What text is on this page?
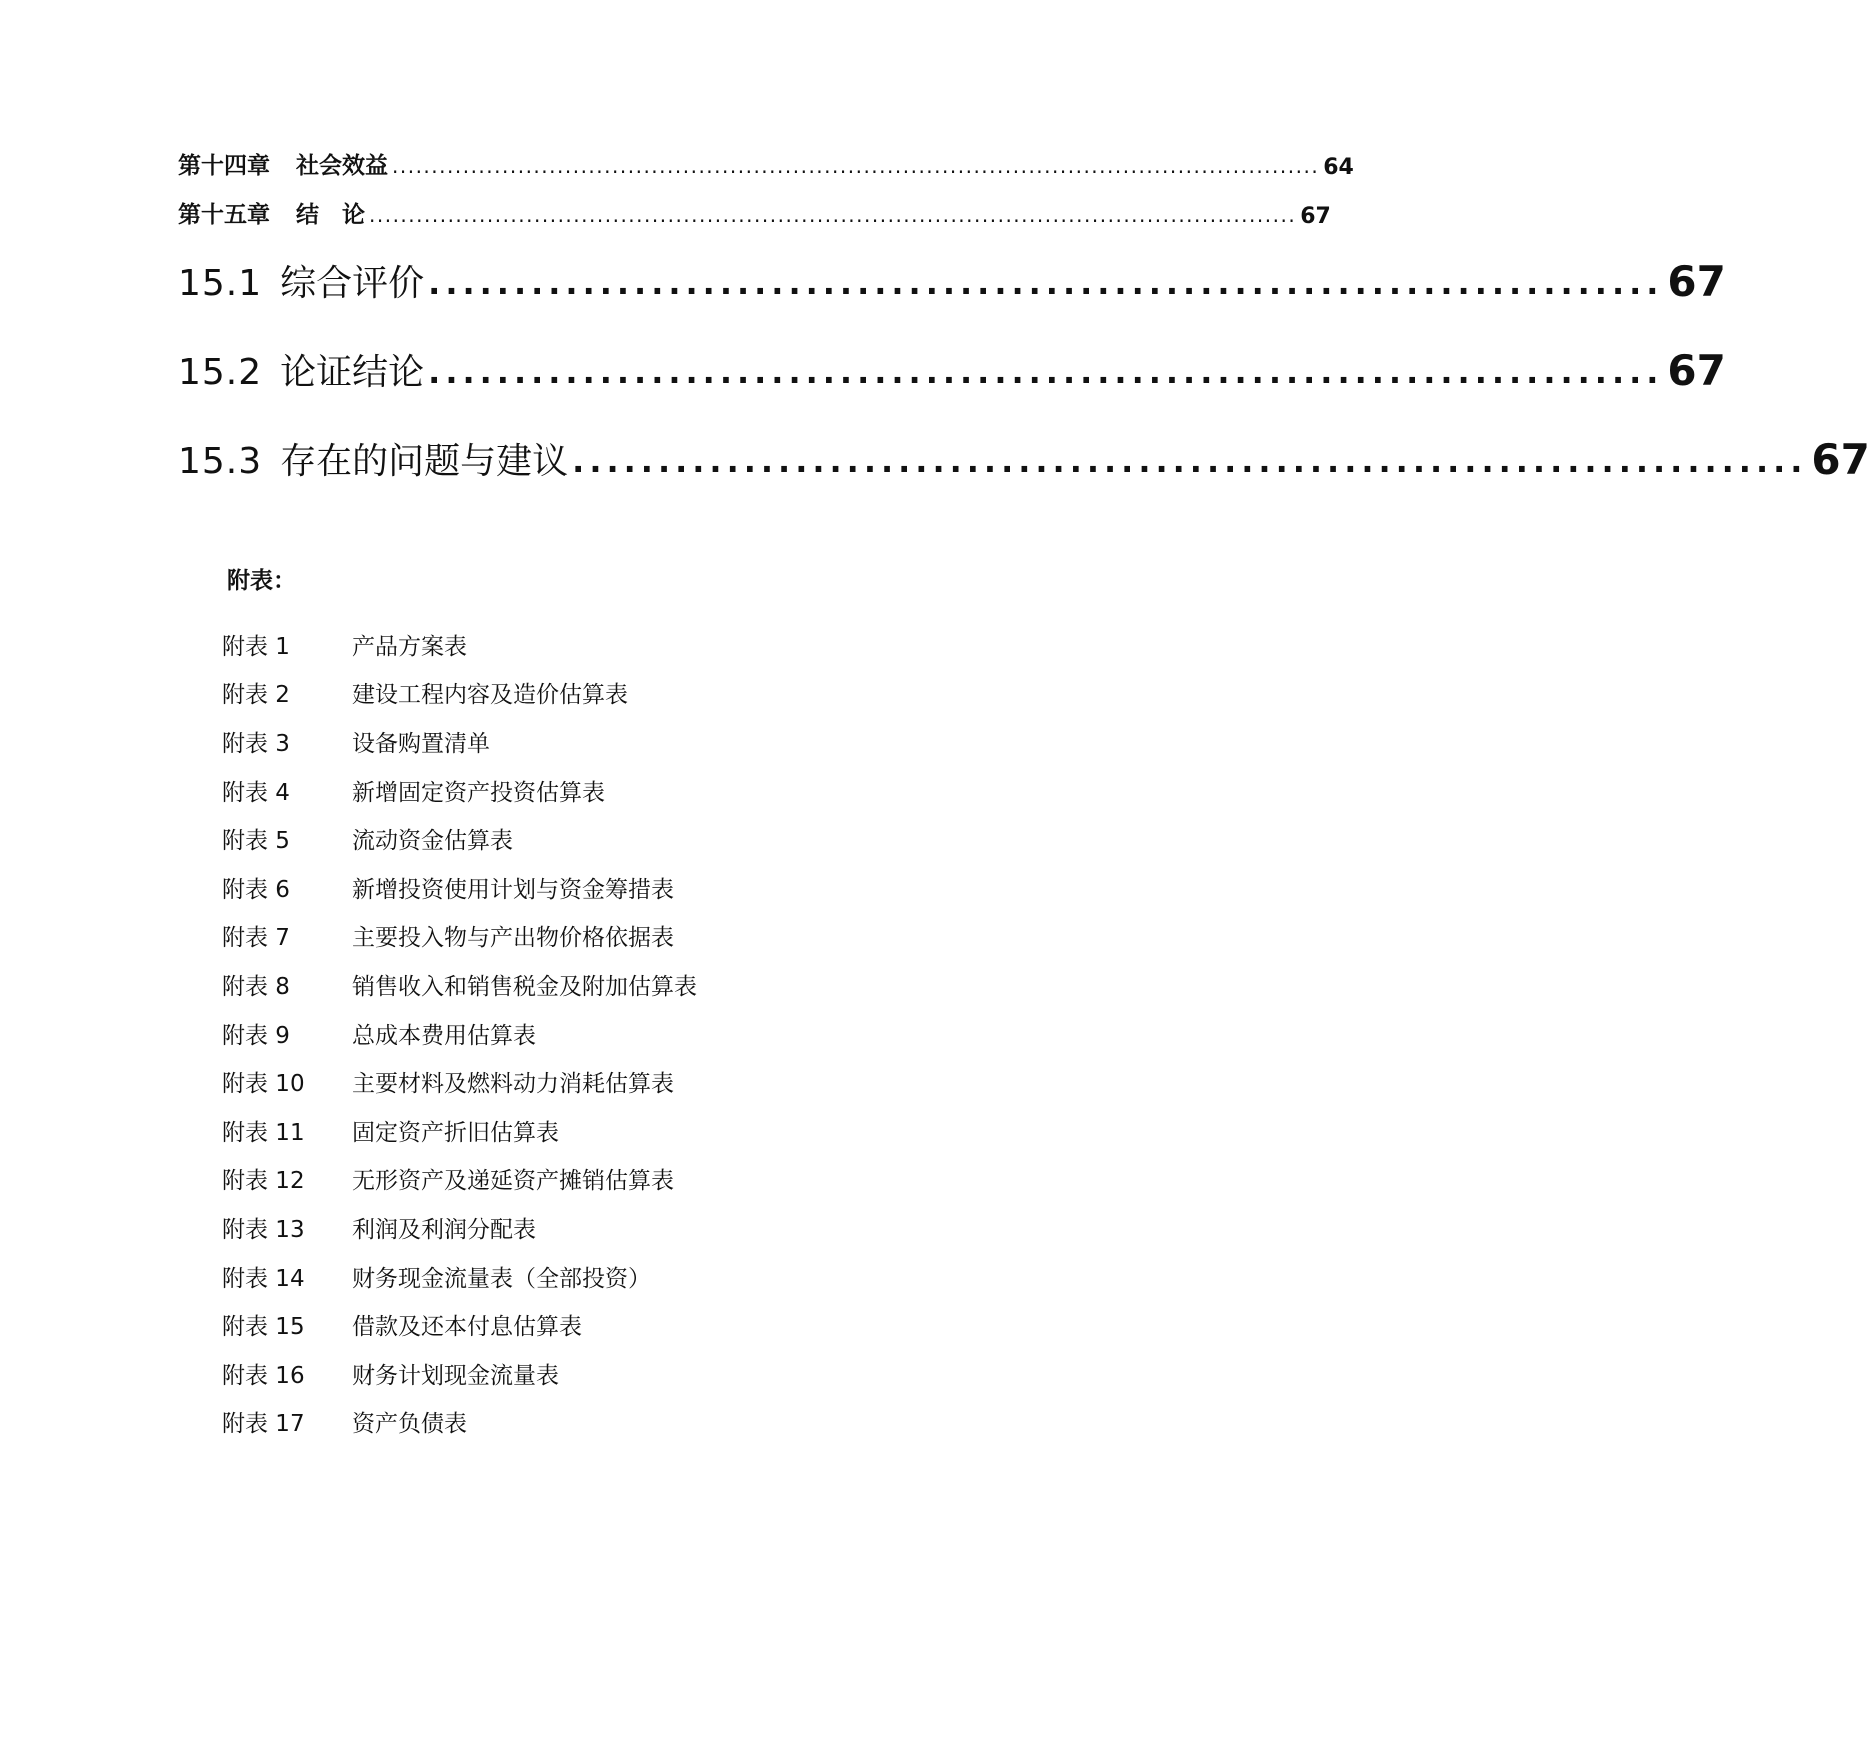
第十四章 社会效益 ...................................................................................................................... 64
第十五章 结　论 ...................................................................................................................... 67
15.1 综合评价 ........................................................................ 67
15.2 论证结论 ........................................................................ 67
15.3 存在的问题与建议 ........................................................................ 67
附表：
附表 1	产品方案表
附表 2	建设工程内容及造价估算表
附表 3	设备购置清单
附表 4	新增固定资产投资估算表
附表 5	流动资金估算表
附表 6	新增投资使用计划与资金筹措表
附表 7	主要投入物与产出物价格依据表
附表 8	销售收入和销售税金及附加估算表
附表 9	总成本费用估算表
附表 10	主要材料及燃料动力消耗估算表
附表 11	固定资产折旧估算表
附表 12	无形资产及递延资产摊销估算表
附表 13	利润及利润分配表
附表 14	财务现金流量表（全部投资）
附表 15	借款及还本付息估算表
附表 16	财务计划现金流量表
附表 17	资产负债表
